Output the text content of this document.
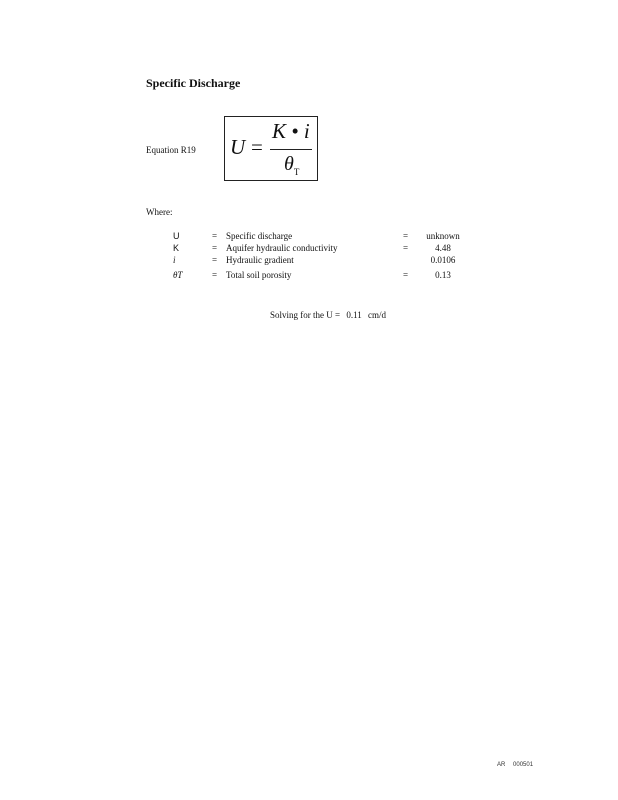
Specific Discharge
Equation R19 U =
K • i
$\theta_T$
Where:
U	= Specific discharge	=	unknown
K	= Aquifer hydraulic conductivity	=	4.48
i	= Hydraulic gradient	0.0106
θT	= Total soil porosity	=	0.13
Solving for the U = 0.11 cm/d
AR 000501
